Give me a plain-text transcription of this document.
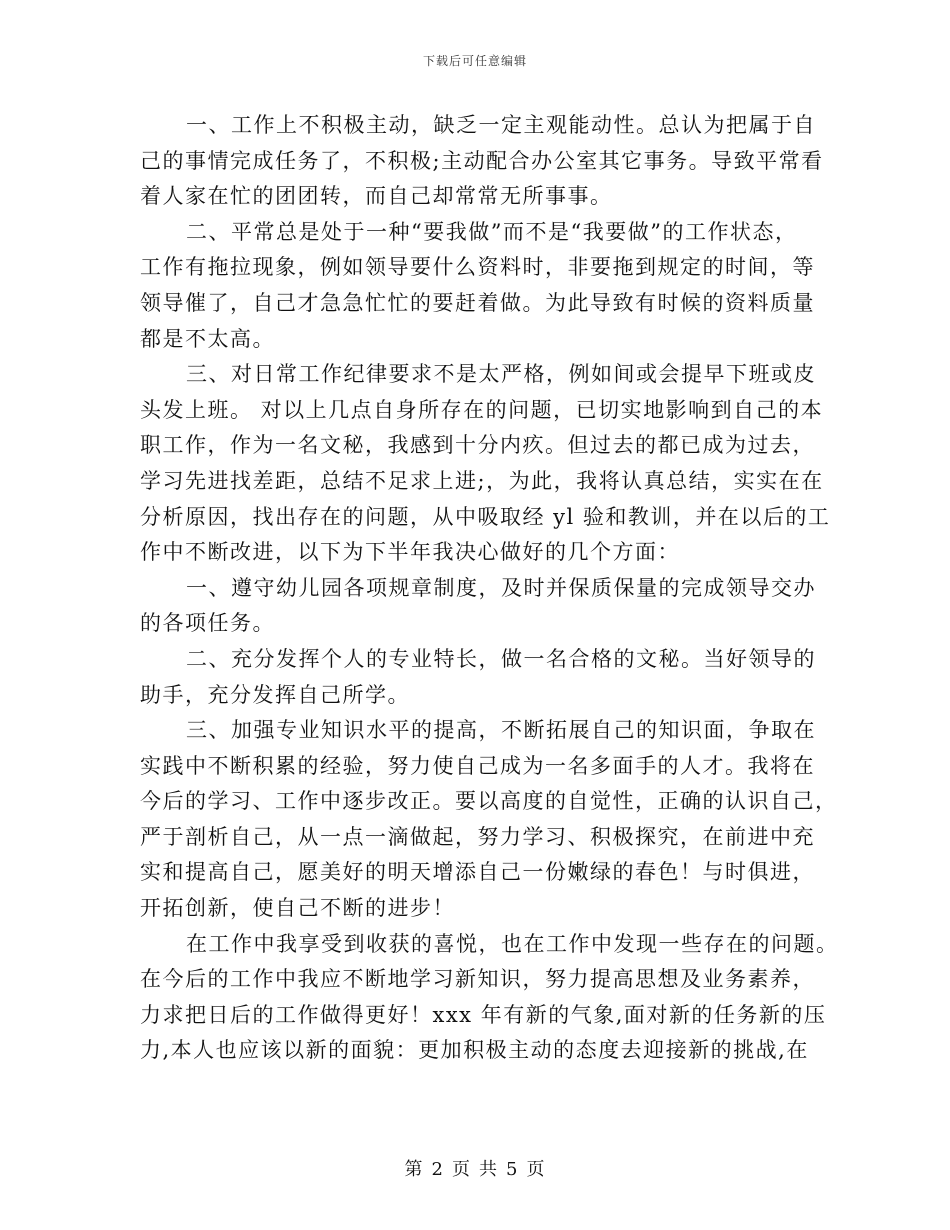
下载后可任意编辑
一、工作上不积极主动，缺乏一定主观能动性。总认为把属于自
己的事情完成任务了，不积极;主动配合办公室其它事务。导致平常看
着人家在忙的团团转，而自己却常常无所事事。
二、平常总是处于一种“要我做”而不是“我要做”的工作状态，
工作有拖拉现象，例如领导要什么资料时，非要拖到规定的时间，等
领导催了，自己才急急忙忙的要赶着做。为此导致有时候的资料质量
都是不太高。
三、对日常工作纪律要求不是太严格，例如间或会提早下班或皮
头发上班。 对以上几点自身所存在的问题，已切实地影响到自己的本
职工作，作为一名文秘，我感到十分内疚。但过去的都已成为过去，
学习先进找差距，总结不足求上进;，为此，我将认真总结，实实在在
分析原因，找出存在的问题，从中吸取经 yl 验和教训，并在以后的工
作中不断改进，以下为下半年我决心做好的几个方面：
一、遵守幼儿园各项规章制度，及时并保质保量的完成领导交办
的各项任务。
二、充分发挥个人的专业特长，做一名合格的文秘。当好领导的
助手，充分发挥自己所学。
三、加强专业知识水平的提高，不断拓展自己的知识面，争取在
实践中不断积累的经验，努力使自己成为一名多面手的人才。我将在
今后的学习、工作中逐步改正。要以高度的自觉性，正确的认识自己，
严于剖析自己，从一点一滴做起，努力学习、积极探究，在前进中充
实和提高自己，愿美好的明天增添自己一份嫩绿的春色！与时俱进，
开拓创新，使自己不断的进步！
在工作中我享受到收获的喜悦，也在工作中发现一些存在的问题。
在今后的工作中我应不断地学习新知识，努力提高思想及业务素养，
力求把日后的工作做得更好！xxx 年有新的气象,面对新的任务新的压
力,本人也应该以新的面貌：更加积极主动的态度去迎接新的挑战,在
第 2 页 共 5 页
